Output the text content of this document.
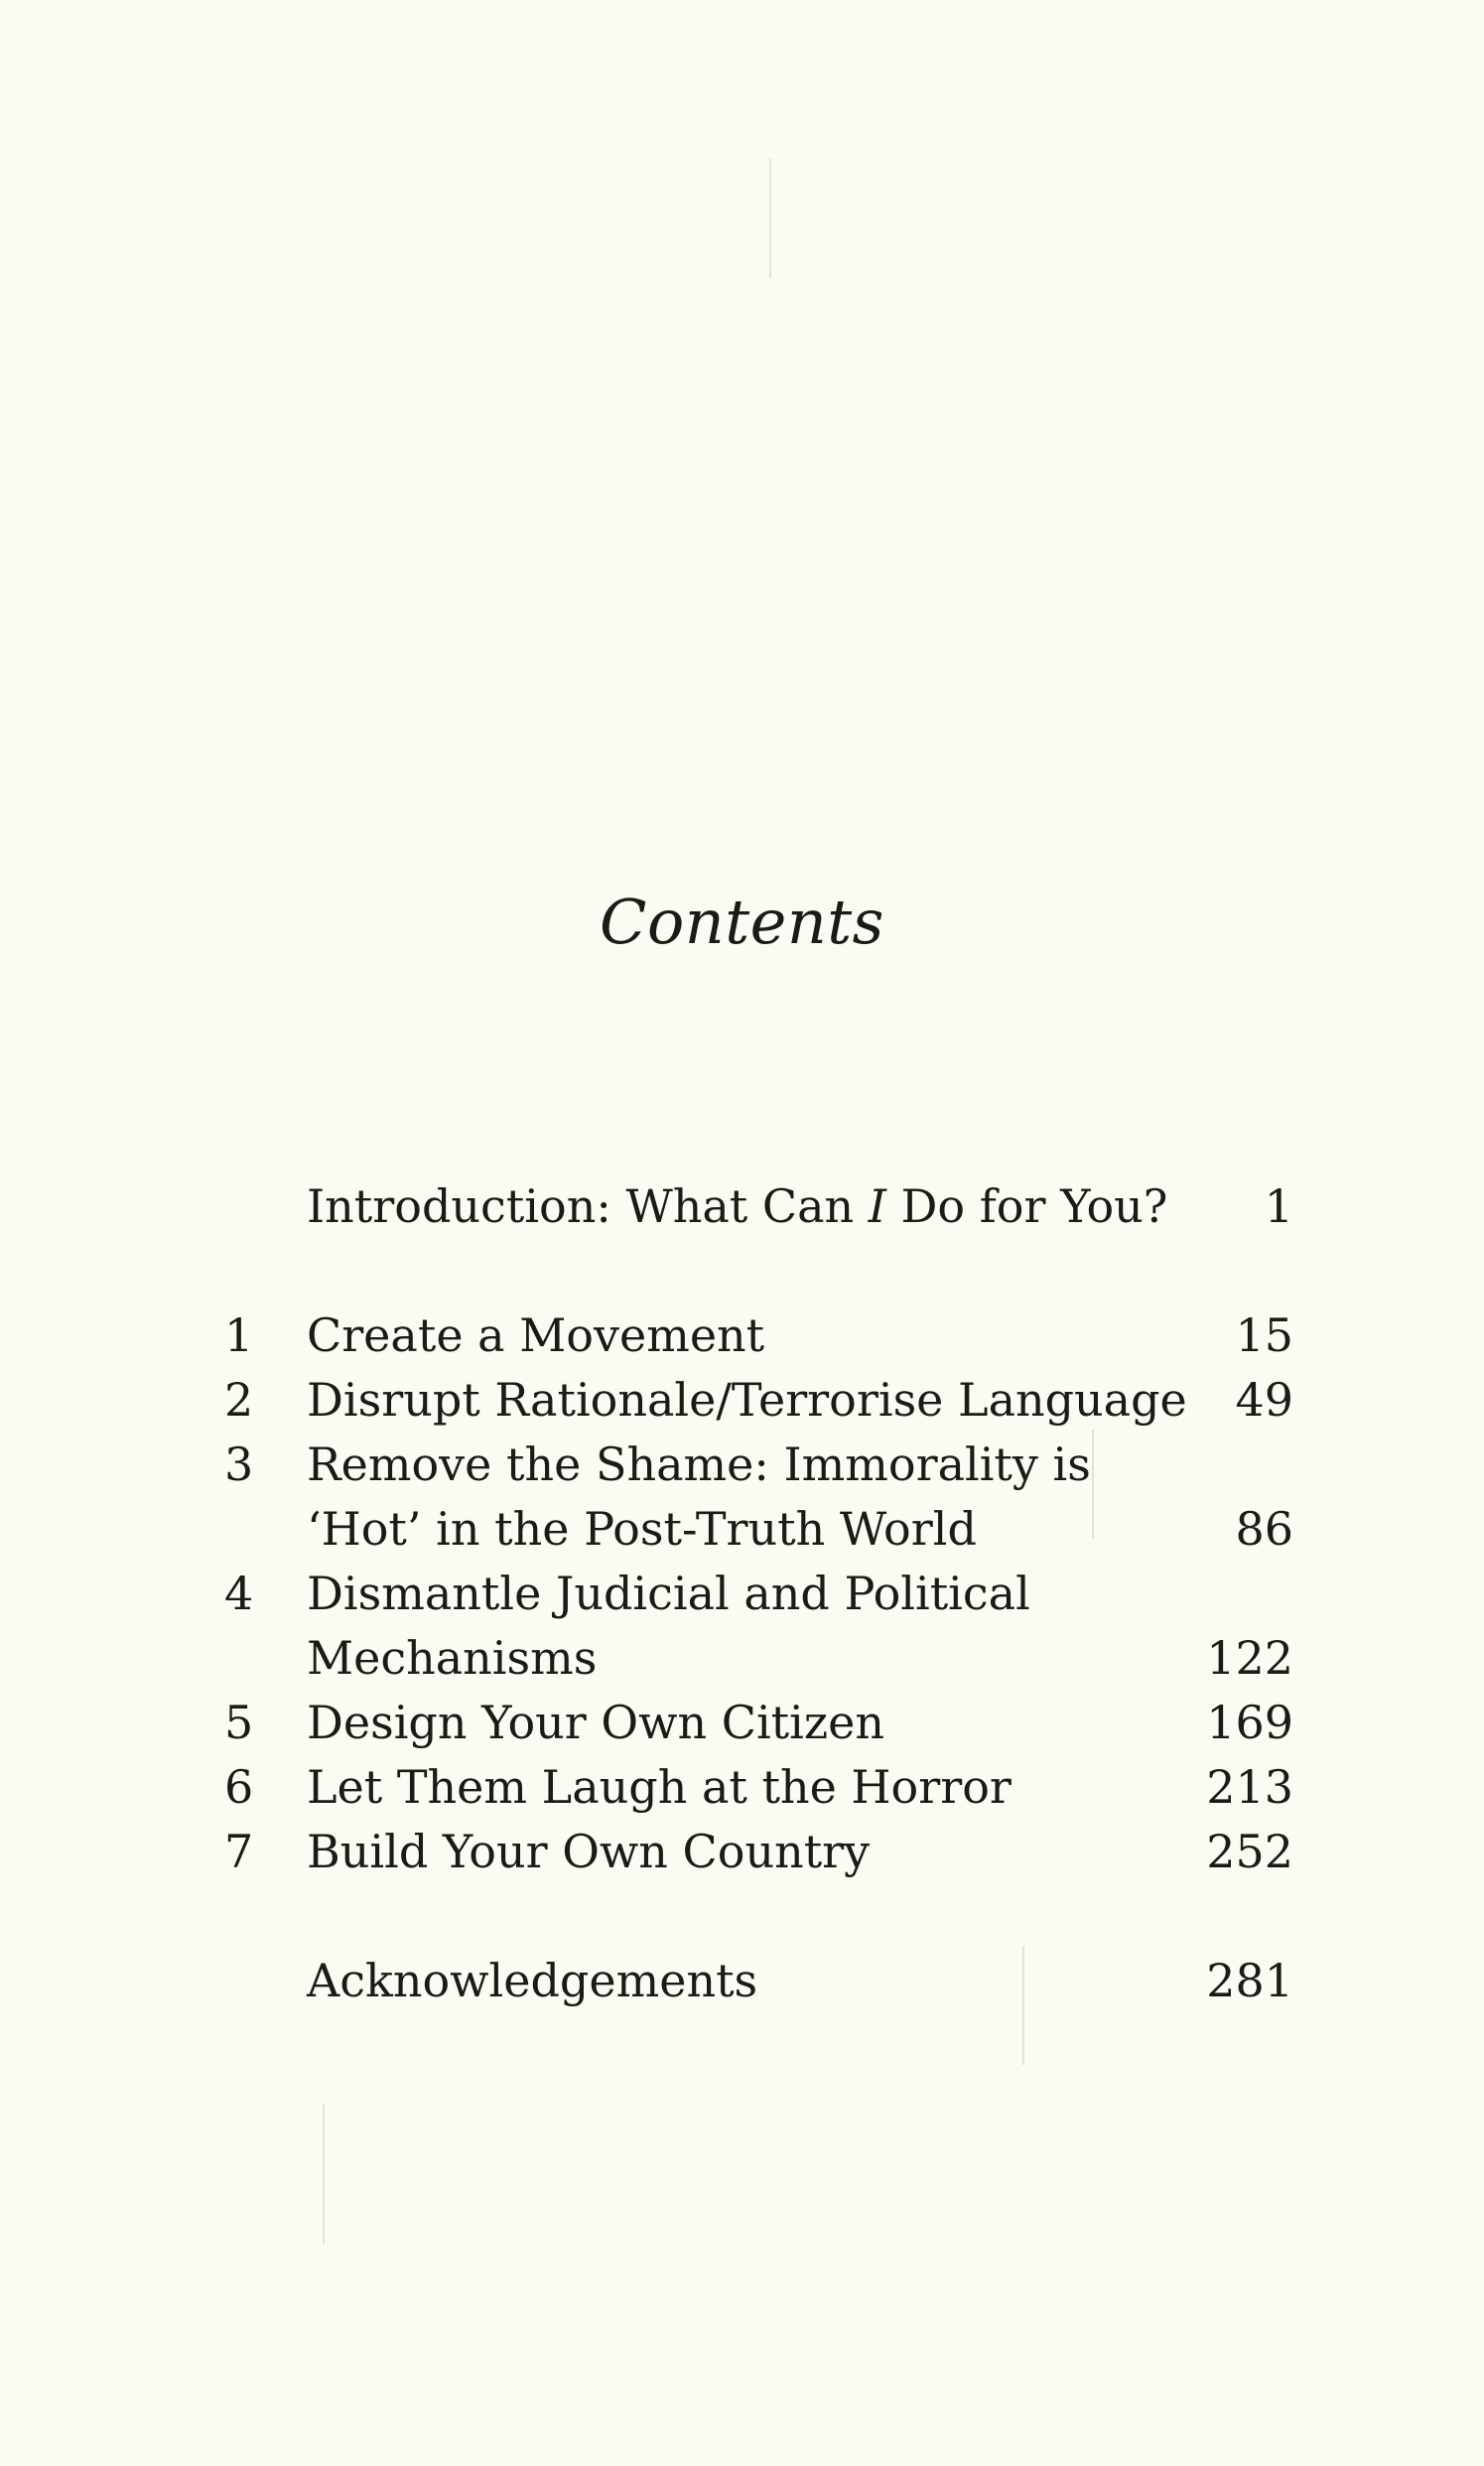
Contents
Introduction: What Can I Do for You? 1
1 Create a Movement	15
2 Disrupt Rationale/Terrorise Language 49
3 Remove the Shame: Immorality is
‘Hot’ in the Post-Truth World	86
4 Dismantle Judicial and Political
Mechanisms	122
5 Design Your Own Citizen	169
6 Let Them Laugh at the Horror	213
7 Build Your Own Country	252
Acknowledgements	281
